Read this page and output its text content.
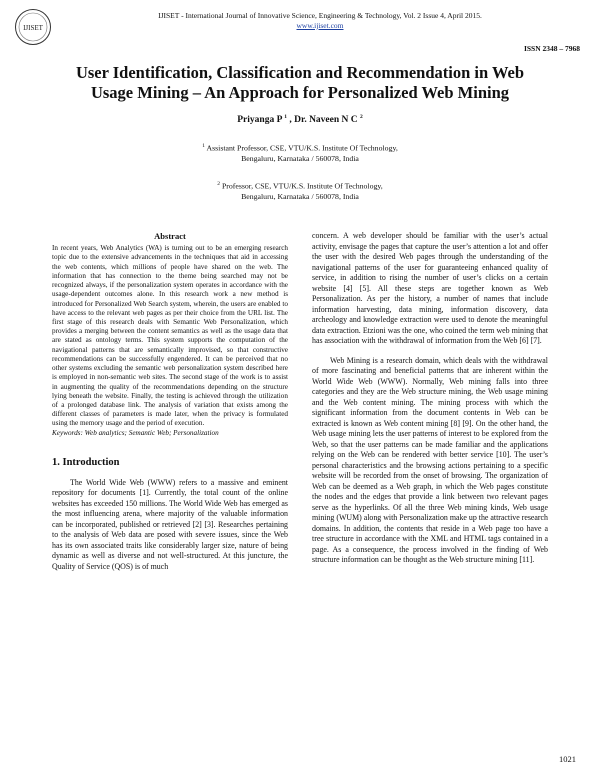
IJISET
IJISET - International Journal of Innovative Science, Engineering & Technology, Vol. 2 Issue 4, April 2015.
www.ijiset.com
ISSN 2348 – 7968
User Identification, Classification and Recommendation in Web
Usage Mining – An Approach for Personalized Web Mining
Priyanga P $^1$ , Dr. Naveen N C $^2$
$^1$ Assistant Professor, CSE, VTU/K.S. Institute Of Technology,
Bengaluru, Karnataka / 560078, India
$^2$ Professor, CSE, VTU/K.S. Institute Of Technology,
Bengaluru, Karnataka / 560078, India
Abstract

In recent years, Web Analytics (WA) is turning out to be an emerging research topic due to the extensive advancements in the techniques that aid in accessing the web contents, which millions of people have shared on the web. The information that has connection to the theme being searched may not be recognized always, if the personalization system operates in accordance with the usage-dependent outcomes alone. In this research work a new method is introduced for Personalized Web Search system, wherein, the users are enabled to have access to the relevant web pages as per their choice from the URL list. The first stage of this research deals with Semantic Web Personalization, which provides a merging between the content semantics as well as the usage data that are stated as ontology terms. This system supports the computation of the navigational patterns that are semantically improvised, so that constructive recommendations can be successfully engendered. It can be perceived that no other systems excluding the semantic web personalization system described here is employed in non-semantic web sites. The second stage of the work is to assist in augmenting the quality of the recommendations depending on the structure lying beneath the website. Finally, the testing is achieved through the utilization of a prolonged database link. The analysis of variation that exists among the different classes of parameters is made later, when the privacy is formulated using the memory usage and the period of execution.

Keywords: Web analytics; Semantic Web; Personalization

1. Introduction

The World Wide Web (WWW) refers to a massive and eminent repository for documents [1]. Currently, the total count of the online websites has exceeded 150 millions. The World Wide Web has emerged as the most influencing arena, where majority of the valuable information can be incorporated, published or retrieved [2] [3]. Researches pertaining to the analysis of Web data are posed with severe issues, since the Web has its own associated traits like considerably larger size, nature of being dynamic as well as diverse and not well-structured. At this juncture, the Quality of Service (QOS) is of much

concern. A web developer should be familiar with the user’s actual activity, envisage the pages that capture the user’s attention a lot and offer the user with the desired Web pages through the understanding of the navigational patterns of the user for guaranteeing enhanced quality of service, in addition to rising the number of user’s clicks on a certain website [4] [5]. All these steps are together known as Web Personalization. As per the history, a number of names that include information harvesting, data mining, information discovery, data archeology and knowledge extraction were used to denote the meaningful data extraction. Etzioni was the one, who coined the term web mining that has association with the withdrawal of information from the Web [6] [7].

Web Mining is a research domain, which deals with the withdrawal of more fascinating and beneficial patterns that are inherent within the World Wide Web (WWW). Normally, Web mining falls into three categories and they are the Web structure mining, the Web usage mining and the Web content mining. The mining process with which the significant information from the document contents in Web can be extracted is known as Web content mining [8] [9]. On the other hand, the Web usage mining lets the user patterns of interest to be explored from the Web, so that the user patterns can be made familiar and the applications relying on the Web can be rendered with better service [10]. The user’s personal characteristics and the browsing actions pertaining to a specific website will be recorded from the onset of browsing. The organization of Web can be deemed as a Web graph, in which the Web pages constitute the nodes and the edges that provide a link between two relevant pages serve as the hyperlinks. Of all the three Web mining kinds, Web usage mining (WUM) along with Personalization make up the attractive research domains. In addition, the contents that reside in a Web page too have a tree structure in accordance with the XML and HTML tags contained in a page. As a consequence, the process involved in the finding of Web structure information can be thought as the Web structure mining [11].

1021
